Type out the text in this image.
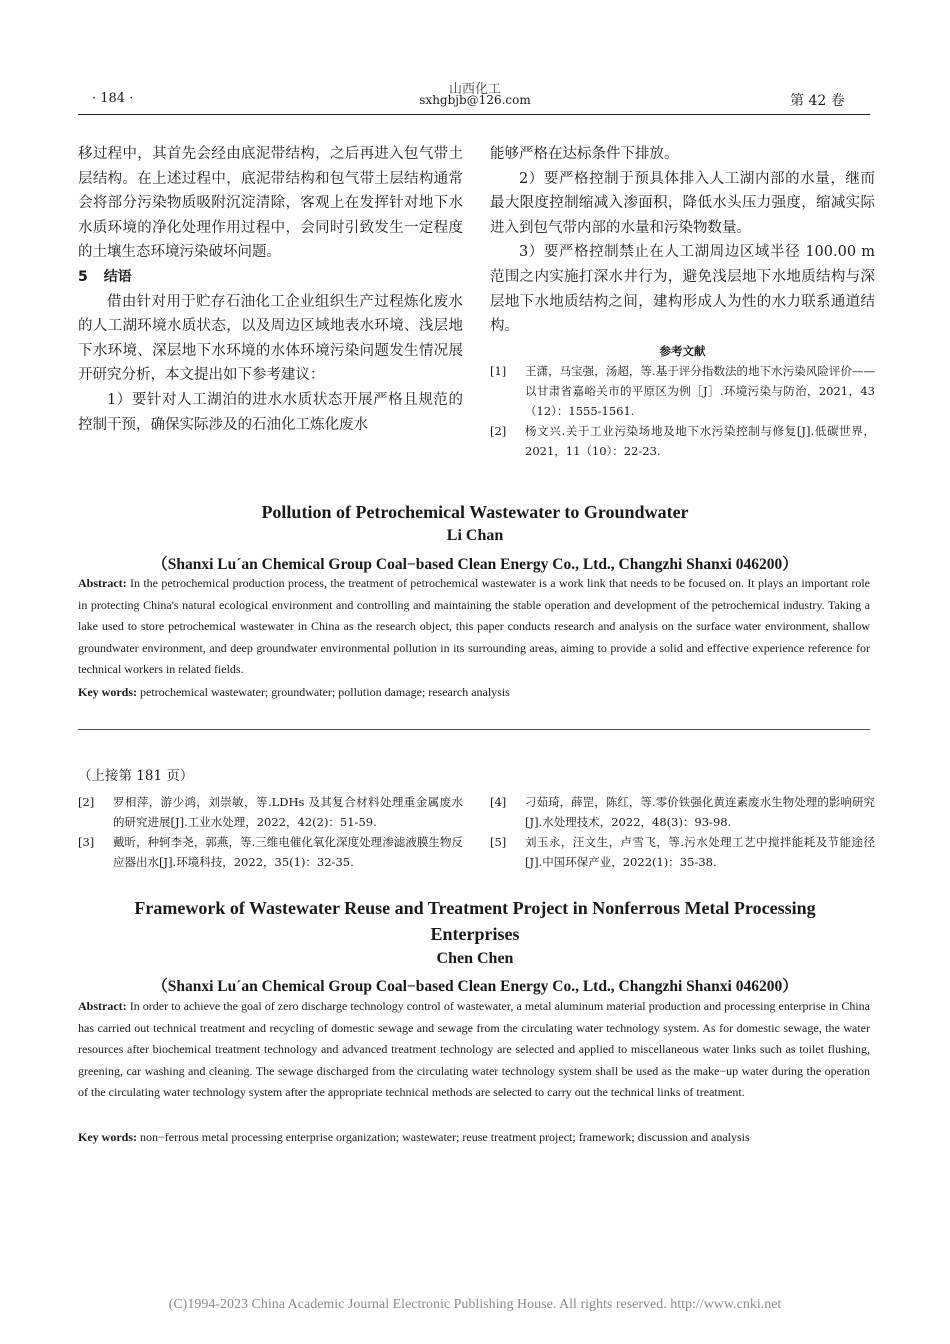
山西化工
· 184 ·	sxhgbjb@126.com	第 42 卷

移过程中，其首先会经由底泥带结构，之后再进入包气带土层结构。在上述过程中，底泥带结构和包气带土层结构通常会将部分污染物质吸附沉淀清除，客观上在发挥针对地下水水质环境的净化处理作用过程中，会同时引致发生一定程度的土壤生态环境污染破坏问题。

5 结语

借由针对用于贮存石油化工企业组织生产过程炼化废水的人工湖环境水质状态，以及周边区域地表水环境、浅层地下水环境、深层地下水环境的水体环境污染问题发生情况展开研究分析，本文提出如下参考建议：

1）要针对人工湖泊的进水水质状态开展严格且规范的控制干预，确保实际涉及的石油化工炼化废水

能够严格在达标条件下排放。

2）要严格控制于预具体排入人工湖内部的水量，继而最大限度控制缩减入渗面积，降低水头压力强度，缩减实际进入到包气带内部的水量和污染物数量。

3）要严格控制禁止在人工湖周边区域半径 100.00 m 范围之内实施打深水井行为，避免浅层地下水地质结构与深层地下水地质结构之间，建构形成人为性的水力联系通道结构。

参考文献
[1]	王潇，马宝强，汤超，等.基于评分指数法的地下水污染风险评价——以甘肃省嘉峪关市的平原区为例［J］.环境污染与防治，2021，43（12）：1555-1561.
[2]	杨文兴.关于工业污染场地及地下水污染控制与修复[J].低碳世界，2021，11（10）：22-23.
Pollution of Petrochemical Wastewater to Groundwater
Li Chan
（Shanxi Lu´an Chemical Group Coal−based Clean Energy Co., Ltd., Changzhi Shanxi 046200）
Abstract: In the petrochemical production process, the treatment of petrochemical wastewater is a work link that needs to be focused on. It plays an important role in protecting China's natural ecological environment and controlling and maintaining the stable operation and development of the petrochemical industry. Taking a lake used to store petrochemical wastewater in China as the research object, this paper conducts research and analysis on the surface water environment, shallow groundwater environment, and deep groundwater environmental pollution in its surrounding areas, aiming to provide a solid and effective experience reference for technical workers in related fields.
Key words: petrochemical wastewater; groundwater; pollution damage; research analysis
（上接第 181 页）
[2]	罗相萍，游少鸿，刘崇敏，等.LDHs 及其复合材料处理重金属废水的研究进展[J].工业水处理，2022，42(2)：51-59.
[3]	戴昕，种轲李尧，郭燕，等.三维电催化氧化深度处理渗滤液膜生物反应器出水[J].环境科技，2022，35(1)：32-35.
[4]	刁茹琦，薛罡，陈红，等.零价铁强化黄连素废水生物处理的影响研究[J].水处理技术，2022，48(3)：93-98.
[5]	刘玉永，汪文生，卢雪飞，等.污水处理工艺中搅拌能耗及节能途径[J].中国环保产业，2022(1)：35-38.
Framework of Wastewater Reuse and Treatment Project in Nonferrous Metal Processing
Enterprises
Chen Chen
（Shanxi Lu´an Chemical Group Coal−based Clean Energy Co., Ltd., Changzhi Shanxi 046200）
Abstract: In order to achieve the goal of zero discharge technology control of wastewater, a metal aluminum material production and processing enterprise in China has carried out technical treatment and recycling of domestic sewage and sewage from the circulating water technology system. As for domestic sewage, the water resources after biochemical treatment technology and advanced treatment technology are selected and applied to miscellaneous water links such as toilet flushing, greening, car washing and cleaning. The sewage discharged from the circulating water technology system shall be used as the make−up water during the operation of the circulating water technology system after the appropriate technical methods are selected to carry out the technical links of treatment.
Key words: non−ferrous metal processing enterprise organization; wastewater; reuse treatment project; framework; discussion and analysis
(C)1994-2023 China Academic Journal Electronic Publishing House. All rights reserved. http://www.cnki.net
